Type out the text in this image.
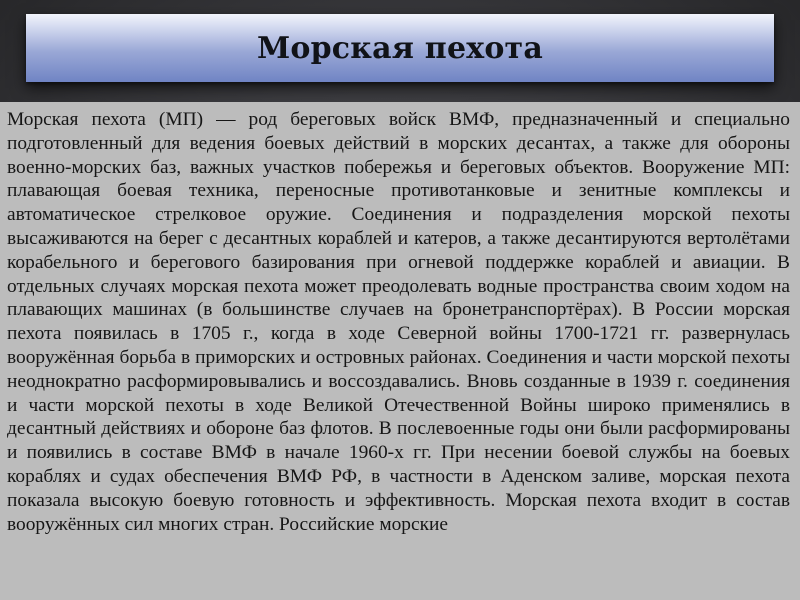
Морская пехота

Морская пехота (МП) — род береговых войск ВМФ, предназначенный и специально подготовленный для ведения боевых действий в морских десантах, а также для обороны военно-морских баз, важных участков побережья и береговых объектов. Вооружение МП: плавающая боевая техника, переносные противотанковые и зенитные комплексы и автоматическое стрелковое оружие. Соединения и подразделения морской пехоты высаживаются на берег с десантных кораблей и катеров, а также десантируются вертолётами корабельного и берегового базирования при огневой поддержке кораблей и авиации. В отдельных случаях морская пехота может преодолевать водные пространства своим ходом на плавающих машинах (в большинстве случаев на бронетранспортёрах). В России морская пехота появилась в 1705 г., когда в ходе Северной войны 1700-1721 гг. развернулась вооружённая борьба в приморских и островных районах. Соединения и части морской пехоты неоднократно расформировывались и воссоздавались. Вновь созданные в 1939 г. соединения и части морской пехоты в ходе Великой Отечественной Войны широко применялись в десантный действиях и обороне баз флотов. В послевоенные годы они были расформированы и появились в составе ВМФ в начале 1960-х гг. При несении боевой службы на боевых кораблях и судах обеспечения ВМФ РФ, в частности в Аденском заливе, морская пехота показала высокую боевую готовность и эффективность. Морская пехота входит в состав вооружённых сил многих стран. Российские морские
